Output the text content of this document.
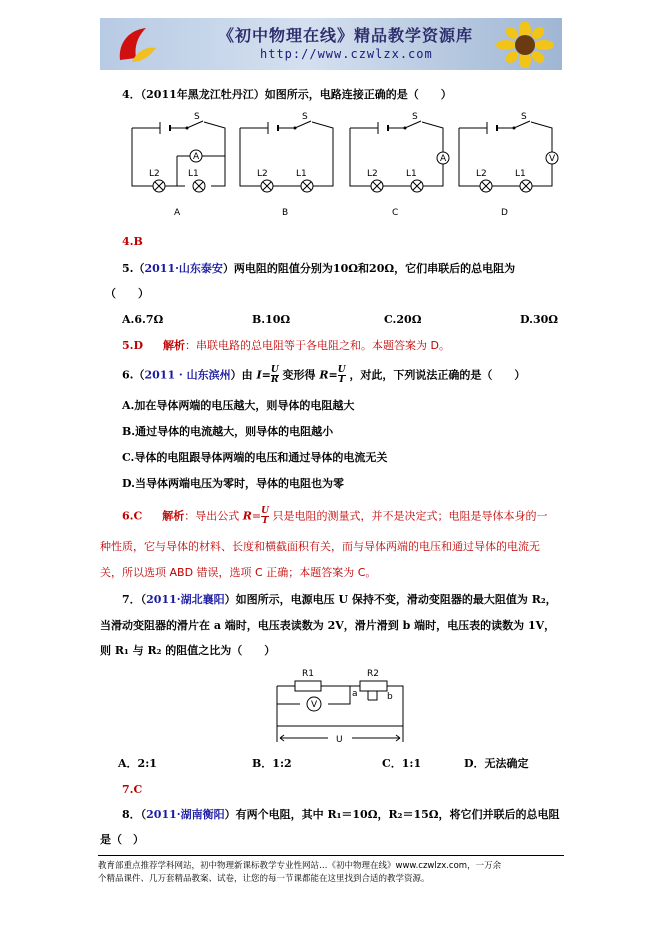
《初中物理在线》精品教学资源库
http://www.czwlzx.com
4．（2011年黑龙江牡丹江）如图所示，电路连接正确的是（　　）
S
A
L2	L1
A
S
L2	L1
B
S
A
L2	L1
C
S
V
L2	L1
D
4.B
5.（2011·山东泰安）两电阻的阻值分别为10Ω和20Ω，它们串联后的总电阻为
（　　）
A.6.7Ω	B.10Ω	C.20Ω	D.30Ω
5.D 解析：串联电路的总电阻等于各电阻之和。本题答案为 D。
6.（2011 · 山东滨州）由 $I= \frac{U}{R}$ 变形得 $R= \frac{U}{I}$ ，对此，下列说法正确的是（　　）
A.加在导体两端的电压越大，则导体的电阻越大
B.通过导体的电流越大，则导体的电阻越小
C.导体的电阻跟导体两端的电压和通过导体的电流无关
D.当导体两端电压为零时，导体的电阻也为零
6.C 解析：导出公式 $R= \frac{U}{I}$ 只是电阻的测量式，并不是决定式；电阻是导体本身的一
种性质，它与导体的材料、长度和横截面积有关，而与导体两端的电压和通过导体的电流无
关，所以选项 ABD 错误，选项 C 正确；本题答案为 C。
7．（2011·湖北襄阳）如图所示，电源电压 U 保持不变，滑动变阻器的最大阻值为 R₂，
当滑动变阻器的滑片在 a 端时，电压表读数为 2V，滑片滑到 b 端时，电压表的读数为 1V，
则 R₁ 与 R₂ 的阻值之比为（　　）
R1	R2
a	b
V
U
A．2:1	B．1:2	C．1:1	D．无法确定
7.C
8．（2011·湖南衡阳）有两个电阻，其中 R₁＝10Ω，R₂＝15Ω，将它们并联后的总电阻
是（　）
教育部重点推荐学科网站，初中物理新课标教学专业性网站…《初中物理在线》www.czwlzx.com，一万余
个精品课件、几万套精品教案、试卷，让您的每一节课都能在这里找到合适的教学资源。
